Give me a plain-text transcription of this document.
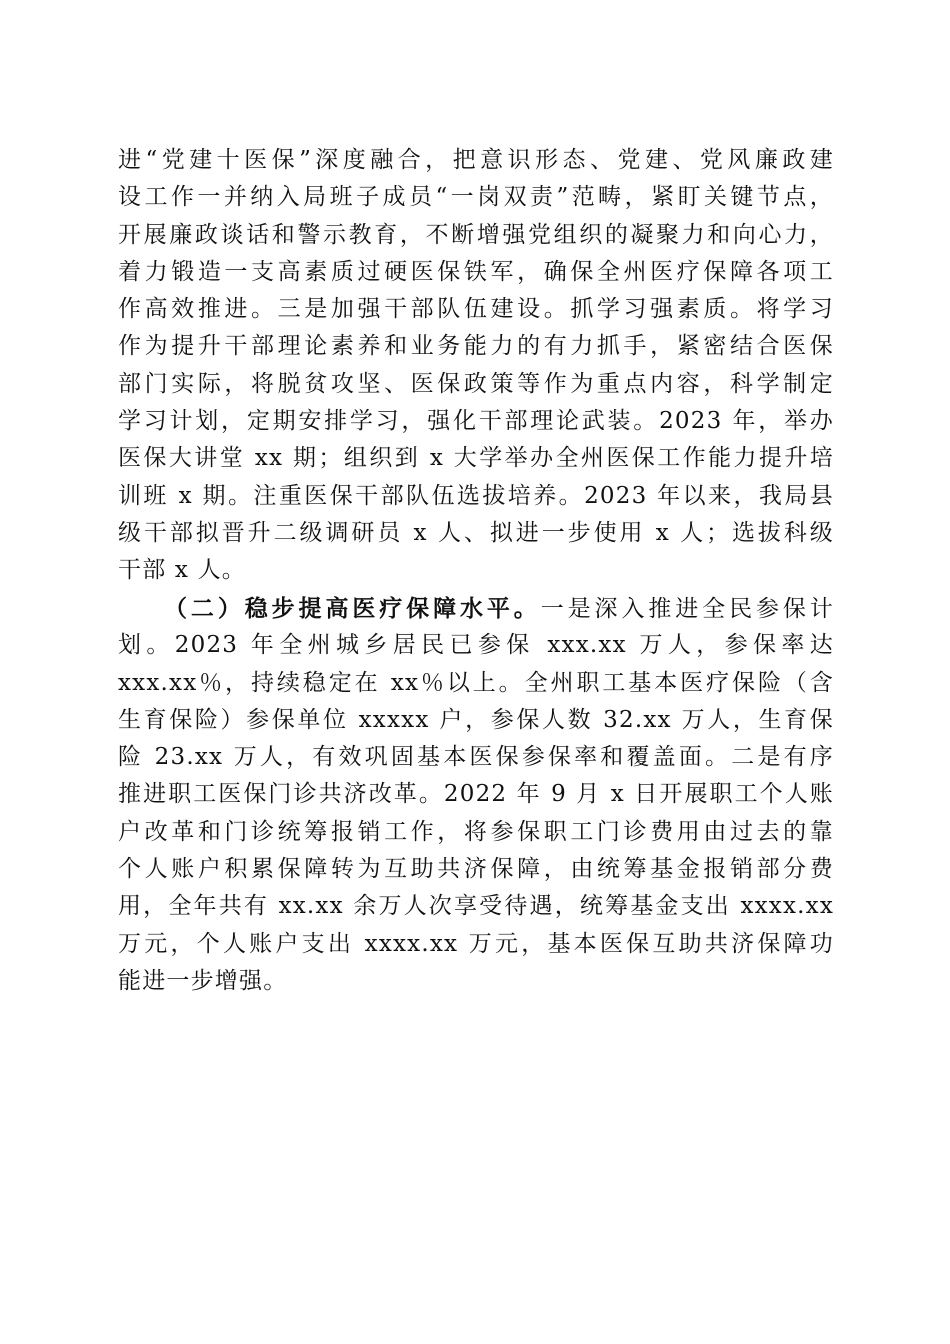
进“党建十医保”深度融合，把意识形态、党建、党风廉政建
设工作一并纳入局班子成员“一岗双责”范畴，紧盯关键节点，
开展廉政谈话和警示教育，不断增强党组织的凝聚力和向心力，
着力锻造一支高素质过硬医保铁军，确保全州医疗保障各项工
作高效推进。三是加强干部队伍建设。抓学习强素质。将学习
作为提升干部理论素养和业务能力的有力抓手，紧密结合医保
部门实际，将脱贫攻坚、医保政策等作为重点内容，科学制定
学习计划，定期安排学习，强化干部理论武装。2023 年，举办
医保大讲堂 xx 期；组织到 x 大学举办全州医保工作能力提升培
训班 x 期。注重医保干部队伍选拔培养。2023 年以来，我局县
级干部拟晋升二级调研员 x 人、拟进一步使用 x 人；选拔科级
干部 x 人。
（二）稳步提高医疗保障水平。一是深入推进全民参保计
划。2023 年全州城乡居民已参保 xxx.xx 万人，参保率达
xxx.xx％，持续稳定在 xx％以上。全州职工基本医疗保险（含
生育保险）参保单位 xxxxx 户，参保人数 32.xx 万人，生育保
险 23.xx 万人，有效巩固基本医保参保率和覆盖面。二是有序
推进职工医保门诊共济改革。2022 年 9 月 x 日开展职工个人账
户改革和门诊统筹报销工作，将参保职工门诊费用由过去的靠
个人账户积累保障转为互助共济保障，由统筹基金报销部分费
用，全年共有 xx.xx 余万人次享受待遇，统筹基金支出 xxxx.xx
万元，个人账户支出 xxxx.xx 万元，基本医保互助共济保障功
能进一步增强。
